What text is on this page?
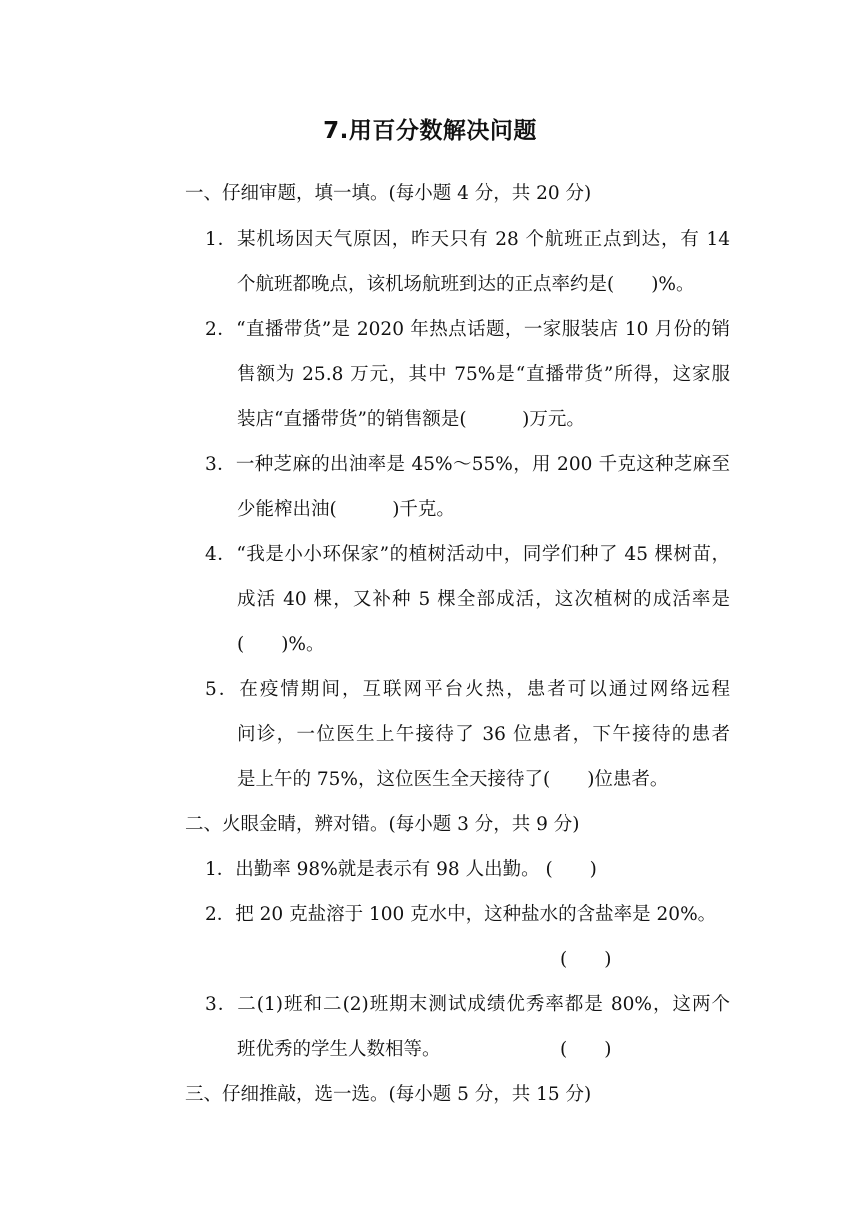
7.用百分数解决问题
一、仔细审题，填一填。(每小题 4 分，共 20 分)
1．某机场因天气原因，昨天只有 28 个航班正点到达，有 14
个航班都晚点，该机场航班到达的正点率约是(　　)%。
2．“直播带货”是 2020 年热点话题，一家服装店 10 月份的销
售额为 25.8 万元，其中 75%是“直播带货”所得，这家服
装店“直播带货”的销售额是(　　　)万元。
3．一种芝麻的出油率是 45%～55%，用 200 千克这种芝麻至
少能榨出油(　　　)千克。
4．“我是小小环保家”的植树活动中，同学们种了 45 棵树苗，
成活 40 棵，又补种 5 棵全部成活，这次植树的成活率是
(　　)%。
5．在疫情期间，互联网平台火热，患者可以通过网络远程
问诊，一位医生上午接待了 36 位患者，下午接待的患者
是上午的 75%，这位医生全天接待了(　　)位患者。
二、火眼金睛，辨对错。(每小题 3 分，共 9 分)
1．出勤率 98%就是表示有 98 人出勤。 (　　)
2．把 20 克盐溶于 100 克水中，这种盐水的含盐率是 20%。
(　　)
3．二(1)班和二(2)班期末测试成绩优秀率都是 80%，这两个
班优秀的学生人数相等。	(　　)
三、仔细推敲，选一选。(每小题 5 分，共 15 分)
